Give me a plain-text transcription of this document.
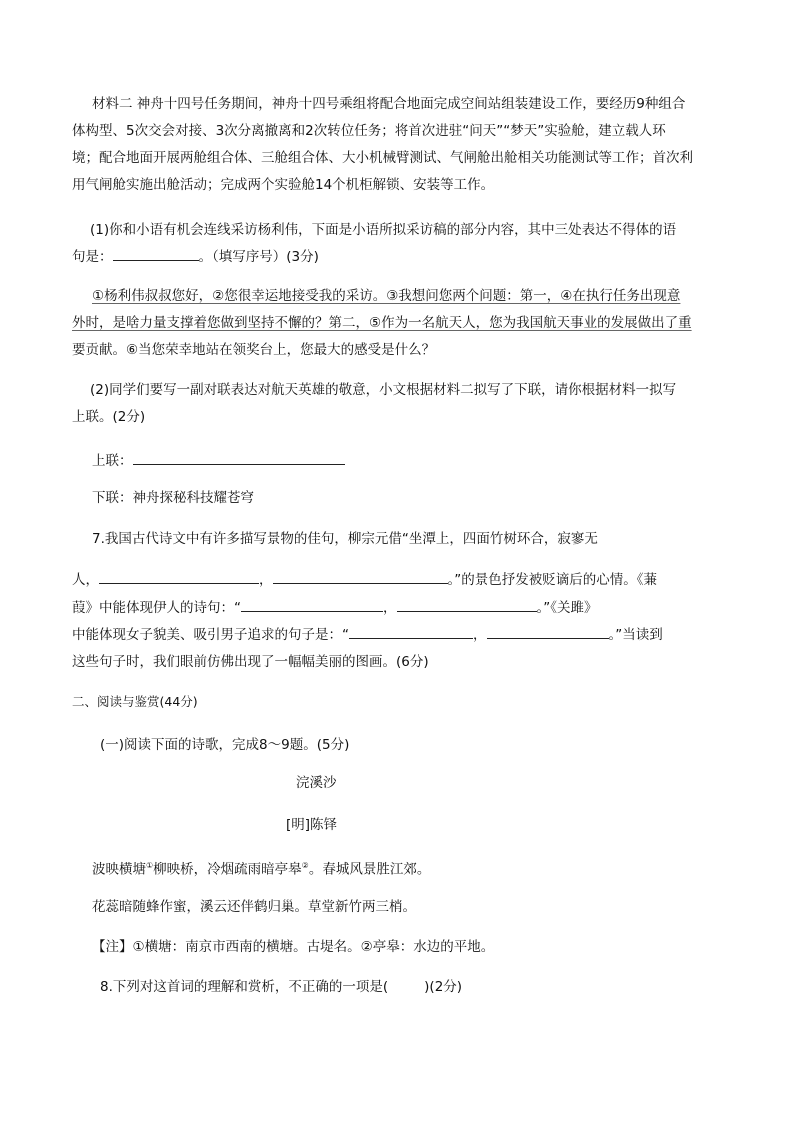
材料二 神舟十四号任务期间，神舟十四号乘组将配合地面完成空间站组装建设工作，要经历9种组合
体构型、5次交会对接、3次分离撤离和2次转位任务；将首次进驻“问天”“梦天”实验舱，建立载人环
境；配合地面开展两舱组合体、三舱组合体、大小机械臂测试、气闸舱出舱相关功能测试等工作；首次利
用气闸舱实施出舱活动；完成两个实验舱14个机柜解锁、安装等工作。
(1)你和小语有机会连线采访杨利伟，下面是小语所拟采访稿的部分内容，其中三处表达不得体的语
句是：	。（填写序号）(3分)
①杨利伟叔叔您好，②您很幸运地接受我的采访。③我想问您两个问题：第一，④在执行任务出现意
外时，是啥力量支撑着您做到坚持不懈的？第二，⑤作为一名航天人，您为我国航天事业的发展做出了重
要贡献。⑥当您荣幸地站在领奖台上，您最大的感受是什么？
(2)同学们要写一副对联表达对航天英雄的敬意，小文根据材料二拟写了下联，请你根据材料一拟写
上联。(2分)
上联：
下联：神舟探秘科技耀苍穹
7.我国古代诗文中有许多描写景物的佳句，柳宗元借“坐潭上，四面竹树环合，寂寥无
人，	，	。”的景色抒发被贬谪后的心情。《蒹
葭》中能体现伊人的诗句：“	，	。”《关雎》
中能体现女子貌美、吸引男子追求的句子是：“	，	。”当读到
这些句子时，我们眼前仿佛出现了一幅幅美丽的图画。(6分)
二、阅读与鉴赏(44分)
(一)阅读下面的诗歌，完成8～9题。(5分)
浣溪沙
[明]陈铎
波映横塘①柳映桥，冷烟疏雨暗亭皋②。春城风景胜江郊。
花蕊暗随蜂作蜜，溪云还伴鹤归巢。草堂新竹两三梢。
【注】①横塘：南京市西南的横塘。古堤名。②亭皋：水边的平地。
8.下列对这首词的理解和赏析，不正确的一项是(	)(2分)
